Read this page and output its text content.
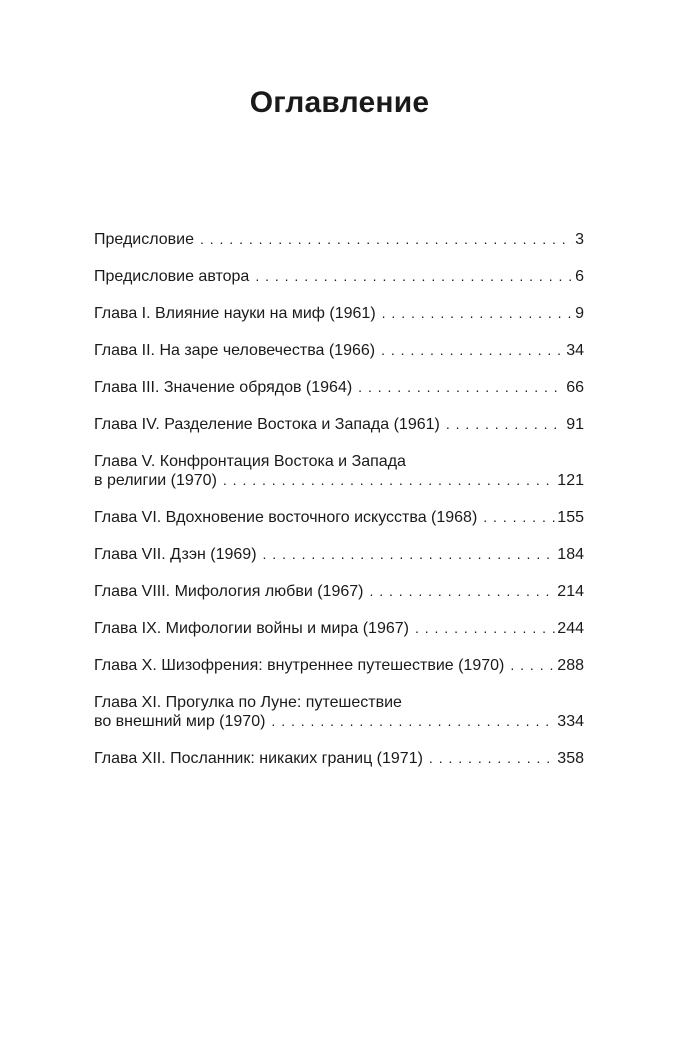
Оглавление
Предисловие . . .	3
Предисловие автора . . .	6
Глава I. Влияние науки на миф (1961) . . .	9
Глава II. На заре человечества (1966) . . .	34
Глава III. Значение обрядов (1964) . . .	66
Глава IV. Разделение Востока и Запада (1961) . . .	91
Глава V. Конфронтация Востока и Запада
в религии (1970) . . .	121
Глава VI. Вдохновение восточного искусства (1968) . . .	155
Глава VII. Дзэн (1969) . . .	184
Глава VIII. Мифология любви (1967) . . .	214
Глава IX. Мифологии войны и мира (1967) . . .	244
Глава X. Шизофрения: внутреннее путешествие (1970) . . .	288
Глава XI. Прогулка по Луне: путешествие
во внешний мир (1970) . . .	334
Глава XII. Посланник: никаких границ (1971) . . .	358
